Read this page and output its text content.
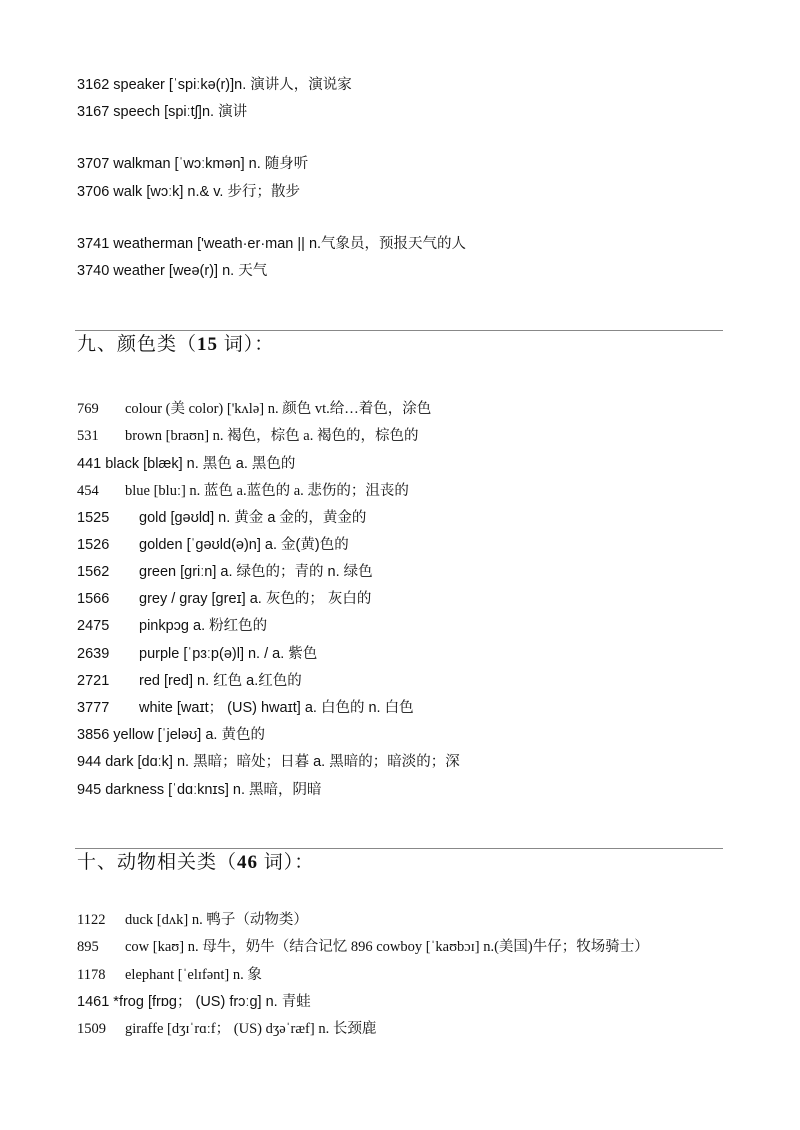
3162 speaker [ˈspiːkə(r)]n. 演讲人，演说家
3167 speech [spiːtʃ]n. 演讲
3707 walkman [ˈwɔːkmən] n. 随身听
3706 walk [wɔːk] n.& v. 步行；散步
3741 weatherman ['weath·er·man || n.气象员，预报天气的人
3740 weather [weə(r)] n. 天气
九、颜色类（15 词）：
769 colour (美 color) ['kʌlə] n. 颜色 vt.给…着色，涂色
531 brown [braʊn] n. 褐色，棕色 a. 褐色的，棕色的
441 black [blæk] n. 黑色 a. 黑色的
454 blue [bluː] n. 蓝色 a.蓝色的 a. 悲伤的；沮丧的
1525 gold [gəʊld] n. 黄金 a 金的，黄金的
1526 golden [ˈgəʊld(ə)n] a. 金(黄)色的
1562 green [griːn] a. 绿色的；青的 n. 绿色
1566 grey / gray [greɪ] a. 灰色的； 灰白的
2475 pinkpɔg a. 粉红色的
2639 purple [ˈpɜːp(ə)l] n. / a. 紫色
2721 red [red] n. 红色 a.红色的
3777 white [waɪt； (US) hwaɪt] a. 白色的 n. 白色
3856 yellow [ˈjeləʊ] a. 黄色的
944 dark [dɑːk] n. 黑暗；暗处；日暮 a. 黑暗的；暗淡的；深
945 darkness [ˈdɑːknɪs] n. 黑暗，阴暗
十、动物相关类（46 词）：
1122 duck [dʌk] n. 鸭子（动物类）
895 cow [kaʊ] n. 母牛，奶牛（结合记忆 896 cowboy [ˈkaʊbɔɪ] n.(美国)牛仔；牧场骑士）
1178 elephant [ˈelɪfənt] n. 象
1461 *frog [frɒg； (US) frɔːg] n. 青蛙
1509 giraffe [dʒɪˈrɑːf； (US) dʒəˈræf] n. 长颈鹿
